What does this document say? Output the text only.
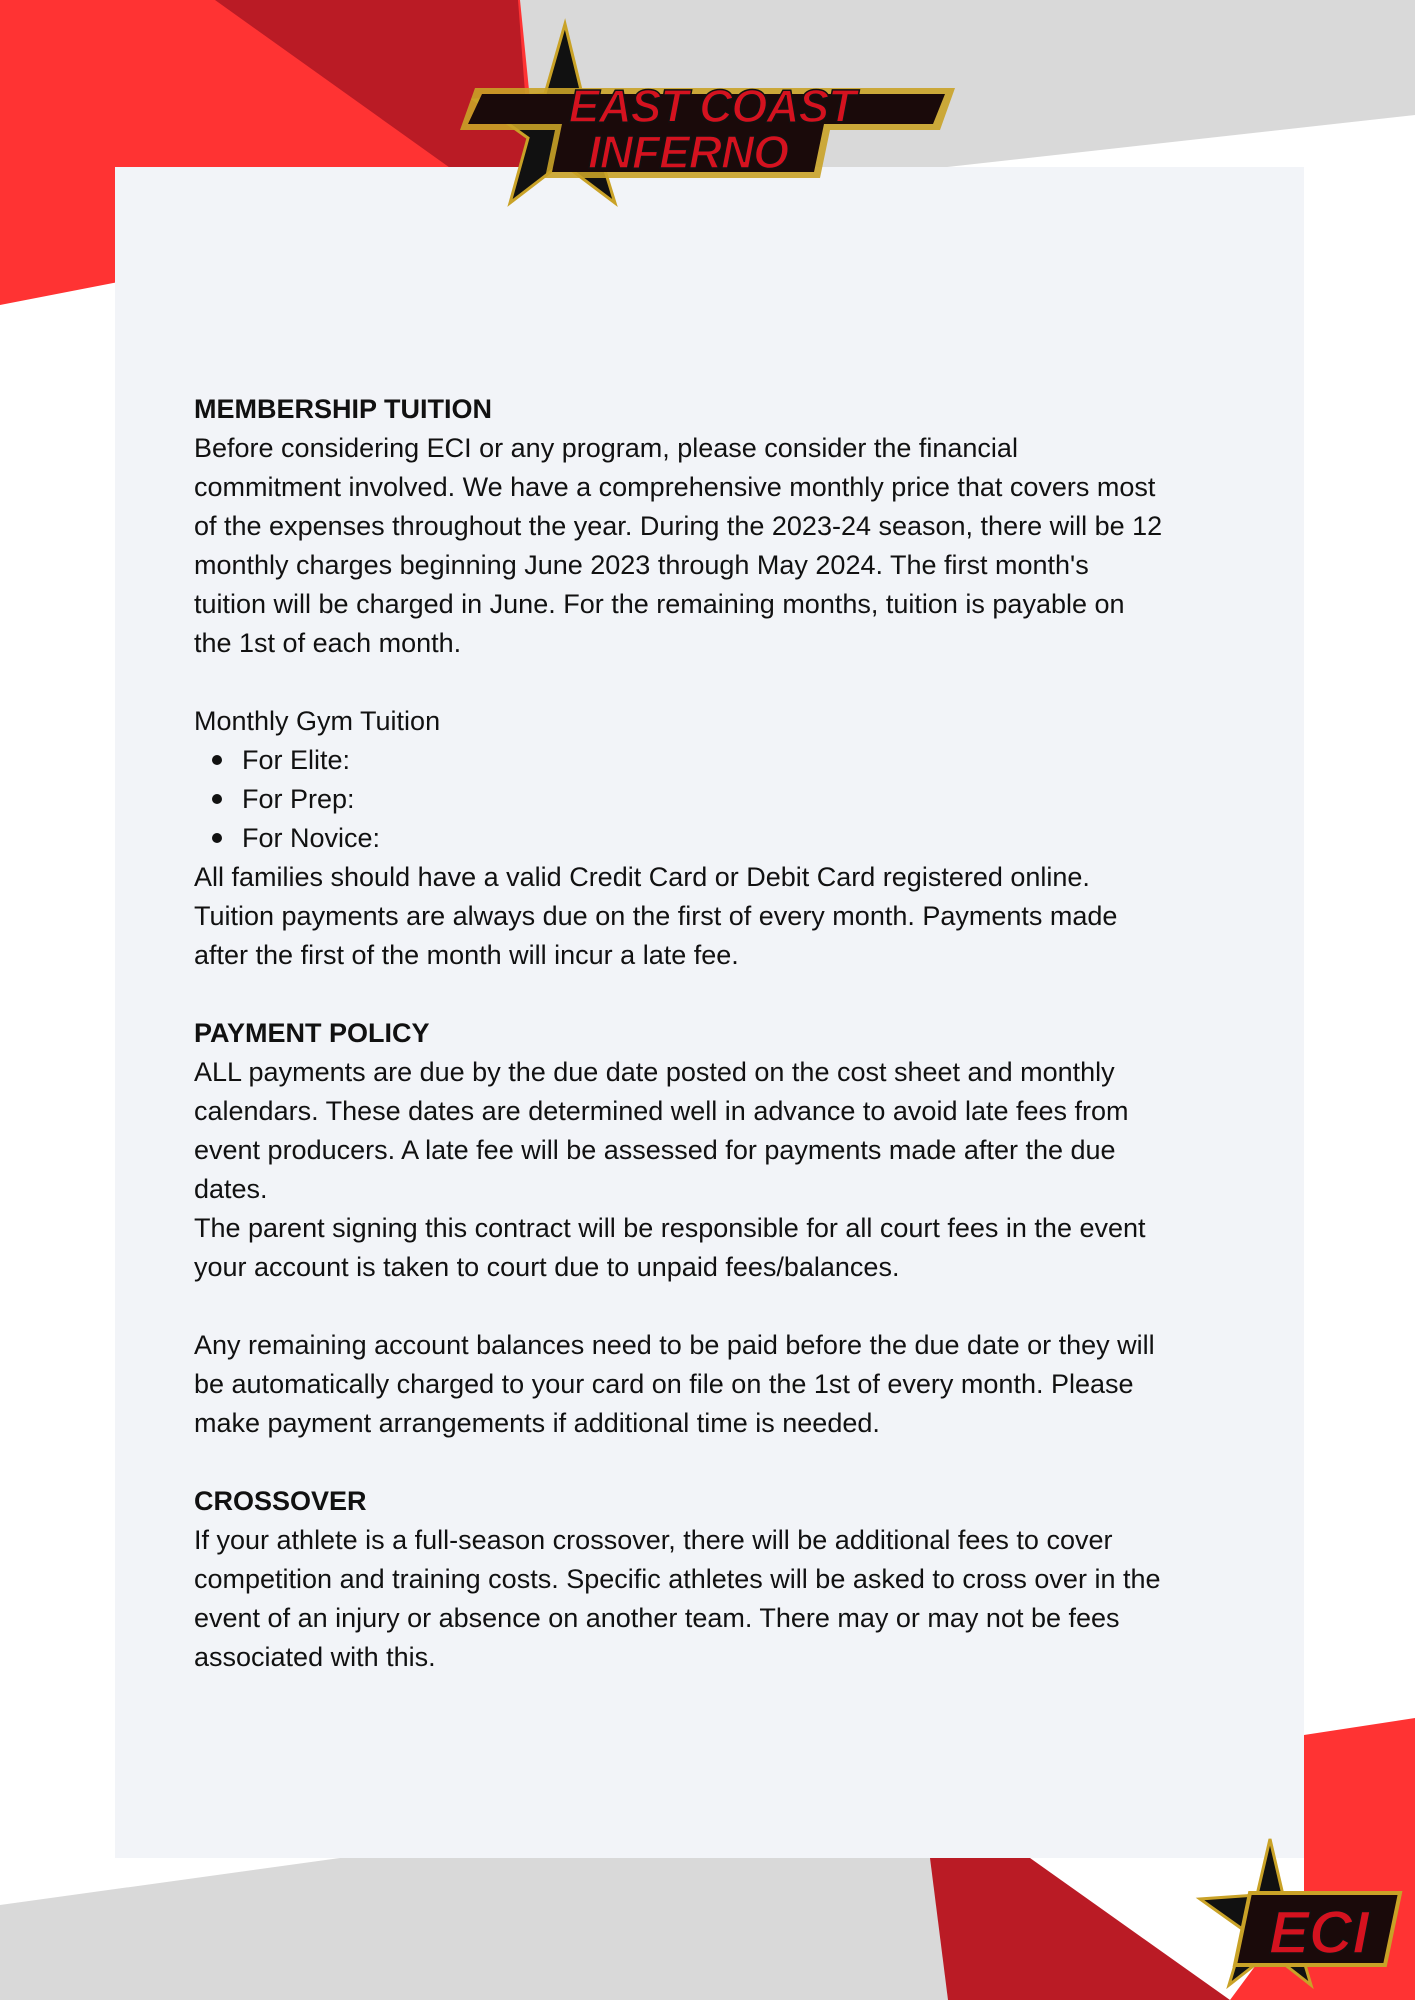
EAST COAST
INFERNO
ECI
MEMBERSHIP TUITION

Before considering ECI or any program, please consider the financial

commitment involved. We have a comprehensive monthly price that covers most

of the expenses throughout the year. During the 2023-24 season, there will be 12

monthly charges beginning June 2023 through May 2024. The first month's

tuition will be charged in June. For the remaining months, tuition is payable on

the 1st of each month.

Monthly Gym Tuition

For Elite:
For Prep:
For Novice:

All families should have a valid Credit Card or Debit Card registered online.

Tuition payments are always due on the first of every month. Payments made

after the first of the month will incur a late fee.

PAYMENT POLICY

ALL payments are due by the due date posted on the cost sheet and monthly

calendars. These dates are determined well in advance to avoid late fees from

event producers. A late fee will be assessed for payments made after the due

dates.

The parent signing this contract will be responsible for all court fees in the event

your account is taken to court due to unpaid fees/balances.

Any remaining account balances need to be paid before the due date or they will

be automatically charged to your card on file on the 1st of every month. Please

make payment arrangements if additional time is needed.

CROSSOVER

If your athlete is a full-season crossover, there will be additional fees to cover

competition and training costs. Specific athletes will be asked to cross over in the

event of an injury or absence on another team. There may or may not be fees

associated with this.
